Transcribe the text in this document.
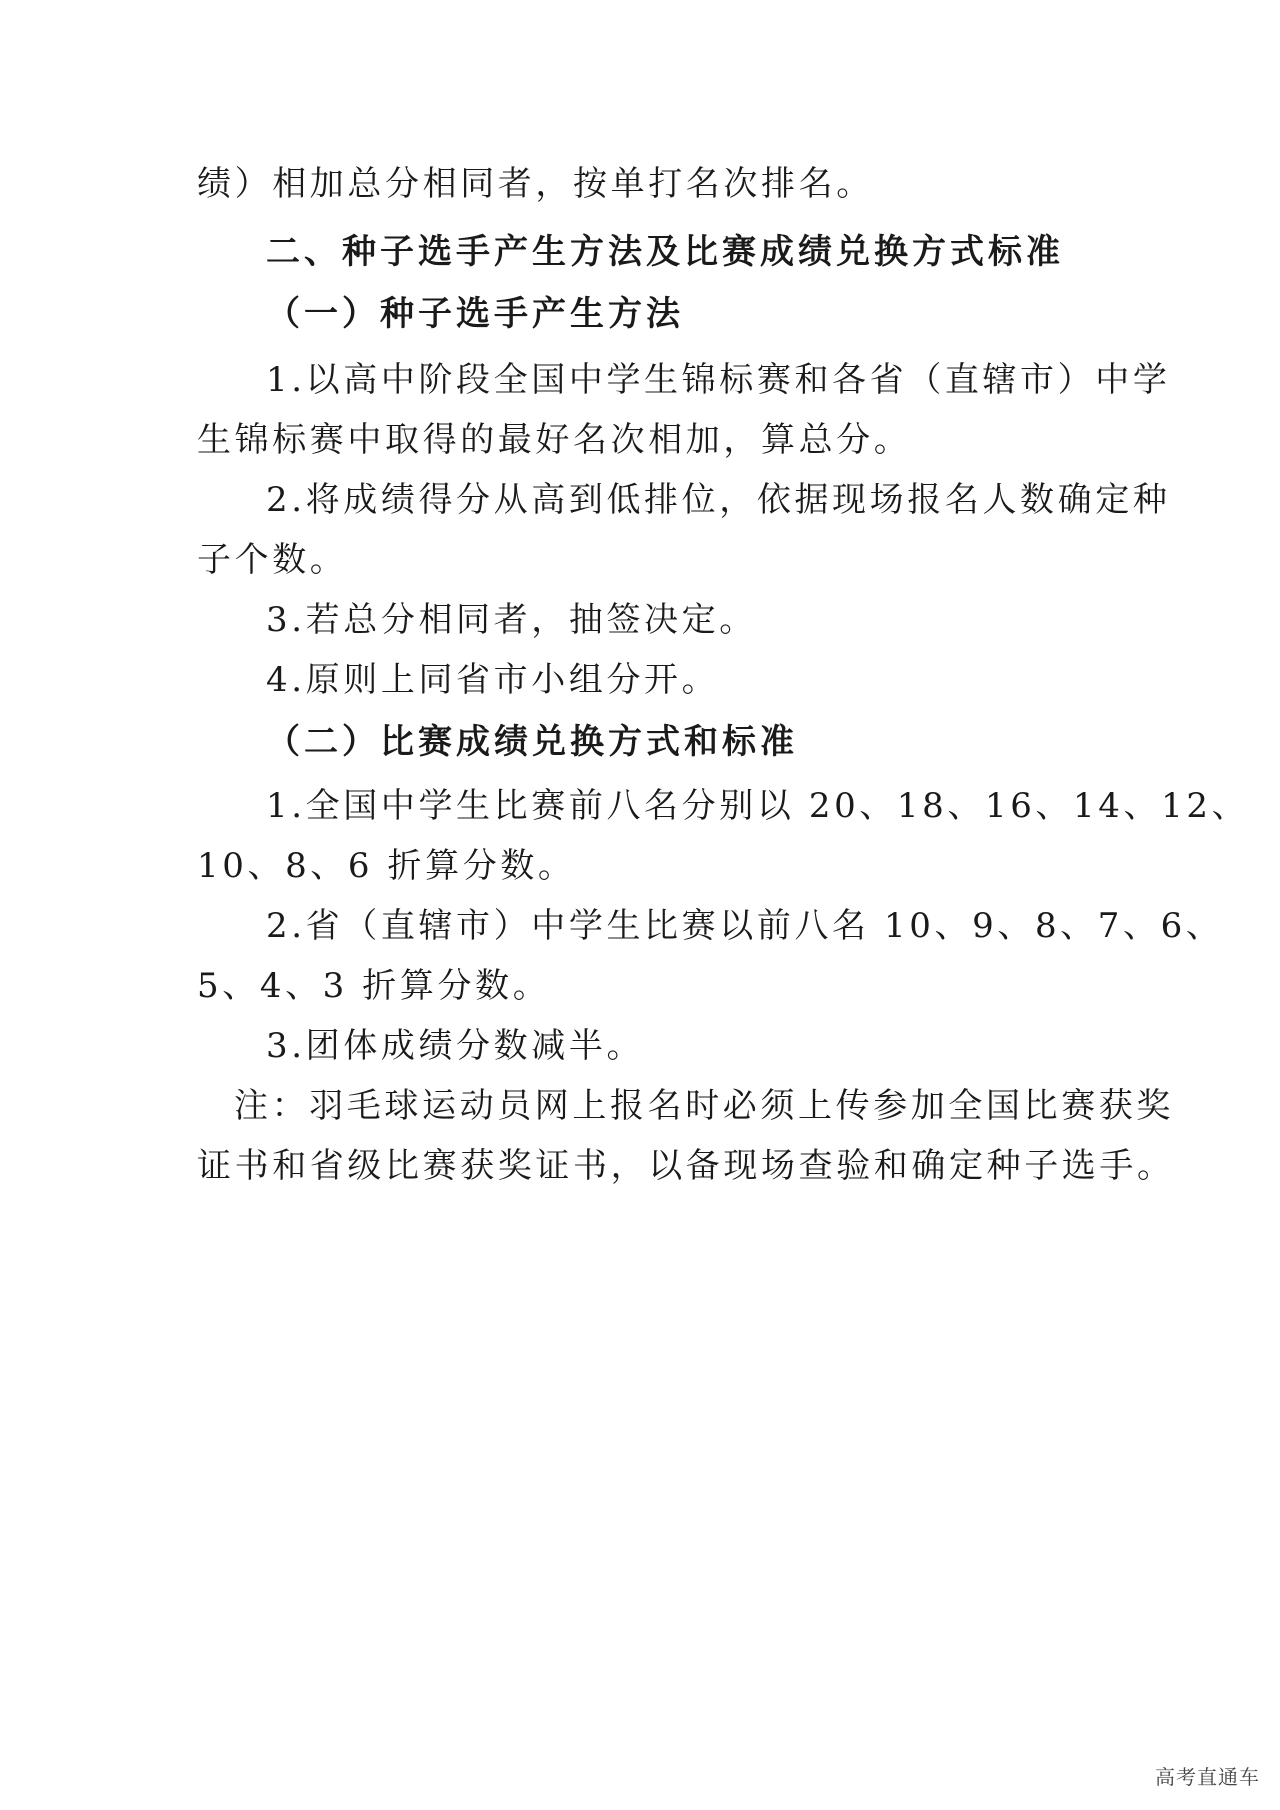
绩）相加总分相同者，按单打名次排名。
二、种子选手产生方法及比赛成绩兑换方式标准
（一）种子选手产生方法
1.以高中阶段全国中学生锦标赛和各省（直辖市）中学
生锦标赛中取得的最好名次相加，算总分。
2.将成绩得分从高到低排位，依据现场报名人数确定种
子个数。
3.若总分相同者，抽签决定。
4.原则上同省市小组分开。
（二）比赛成绩兑换方式和标准
1.全国中学生比赛前八名分别以 20、18、16、14、12、
10、8、6 折算分数。
2.省（直辖市）中学生比赛以前八名 10、9、8、7、6、
5、4、3 折算分数。
3.团体成绩分数减半。
注：羽毛球运动员网上报名时必须上传参加全国比赛获奖
证书和省级比赛获奖证书，以备现场查验和确定种子选手。
高考直通车
